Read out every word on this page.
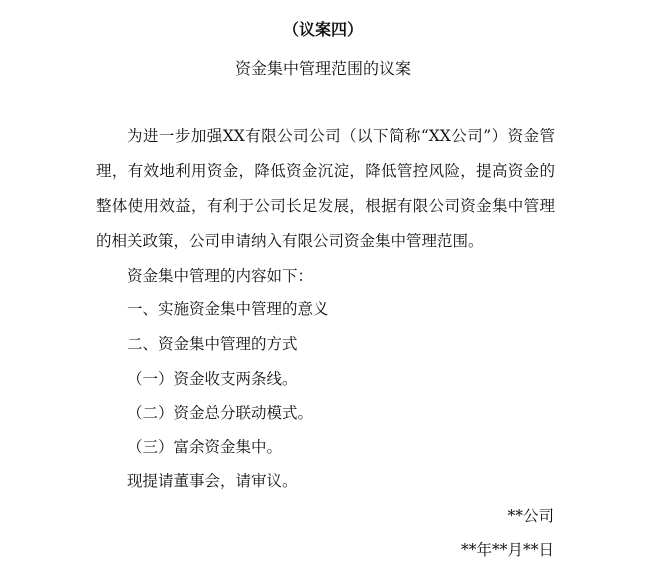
（议案四）
资金集中管理范围的议案

为进一步加强XX有限公司公司（以下简称“XX公司”）资金管理，有效地利用资金，降低资金沉淀，降低管控风险，提高资金的整体使用效益，有利于公司长足发展，根据有限公司资金集中管理的相关政策，公司申请纳入有限公司资金集中管理范围。

资金集中管理的内容如下：
一、实施资金集中管理的意义
二、资金集中管理的方式
（一）资金收支两条线。
（二）资金总分联动模式。
（三）富余资金集中。
现提请董事会，请审议。
**公司
**年**月**日
